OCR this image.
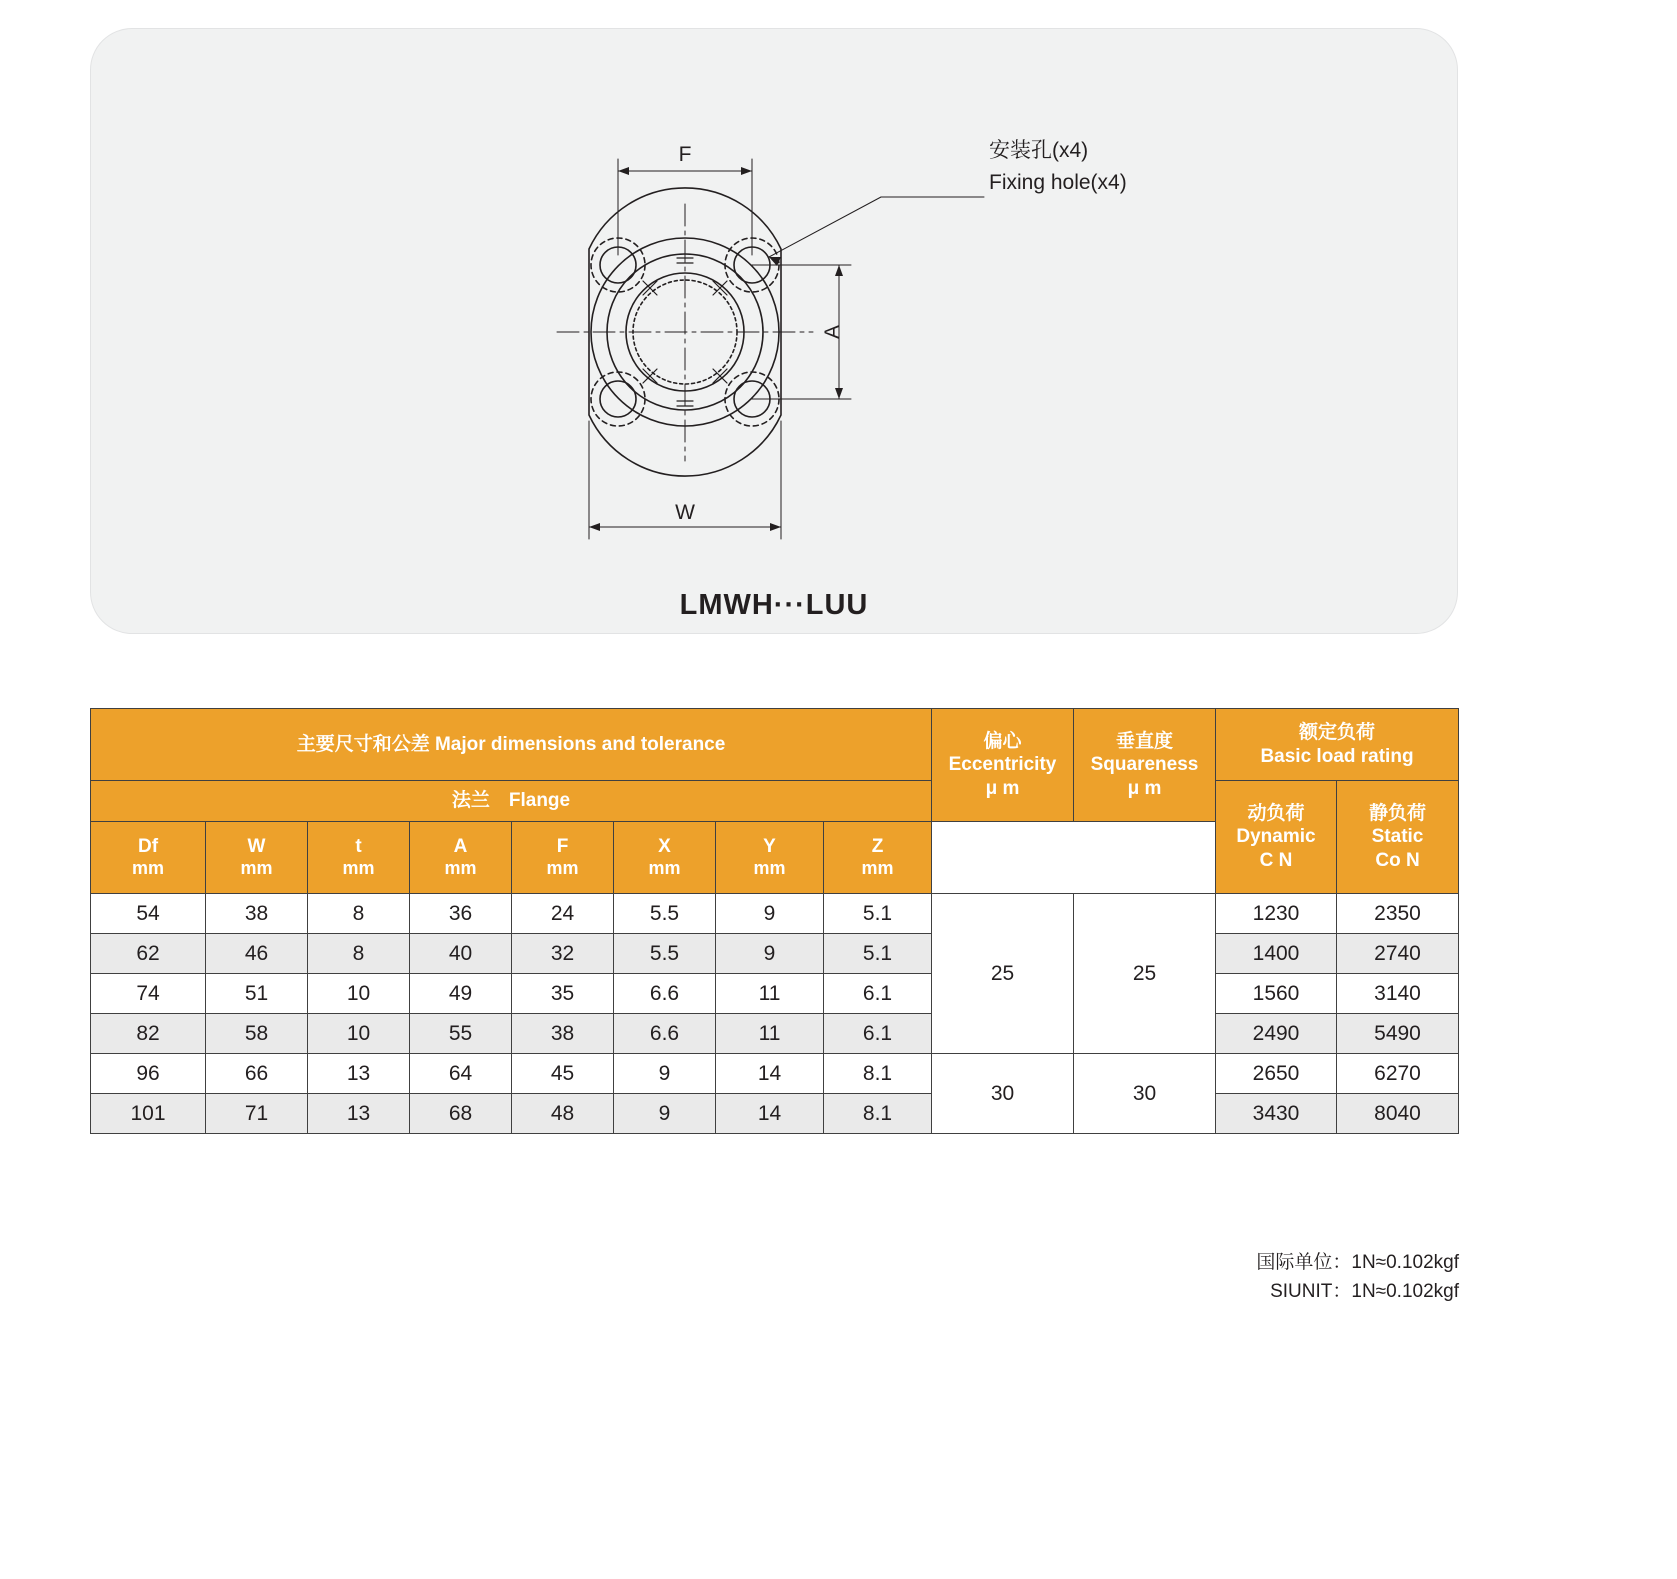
F
A
W
安装孔(x4)
Fixing hole(x4)
LMWH···LUU
主要尺寸和公差 Major dimensions and tolerance								偏心
Eccentricity
μ m	垂直度
Squareness
μ m	额定负荷
Basic load rating	
法兰　Flange										动负荷
Dynamic
C N	静负荷
Static
Co N
Df
mm	W
mm	t
mm	A
mm	F
mm	X
mm	Y
mm	Z
mm				

54	38	8	36	24	5.5	9	5.1	25	25	1230	2350
62	46	8	40	32	5.5	9	5.1			1400	2740
74	51	10	49	35	6.6	11	6.1			1560	3140
82	58	10	55	38	6.6	11	6.1			2490	5490
96	66	13	64	45	9	14	8.1	30	30	2650	6270
101	71	13	68	48	9	14	8.1			3430	8040
国际单位：1N≈0.102kgf
SIUNIT：1N≈0.102kgf
